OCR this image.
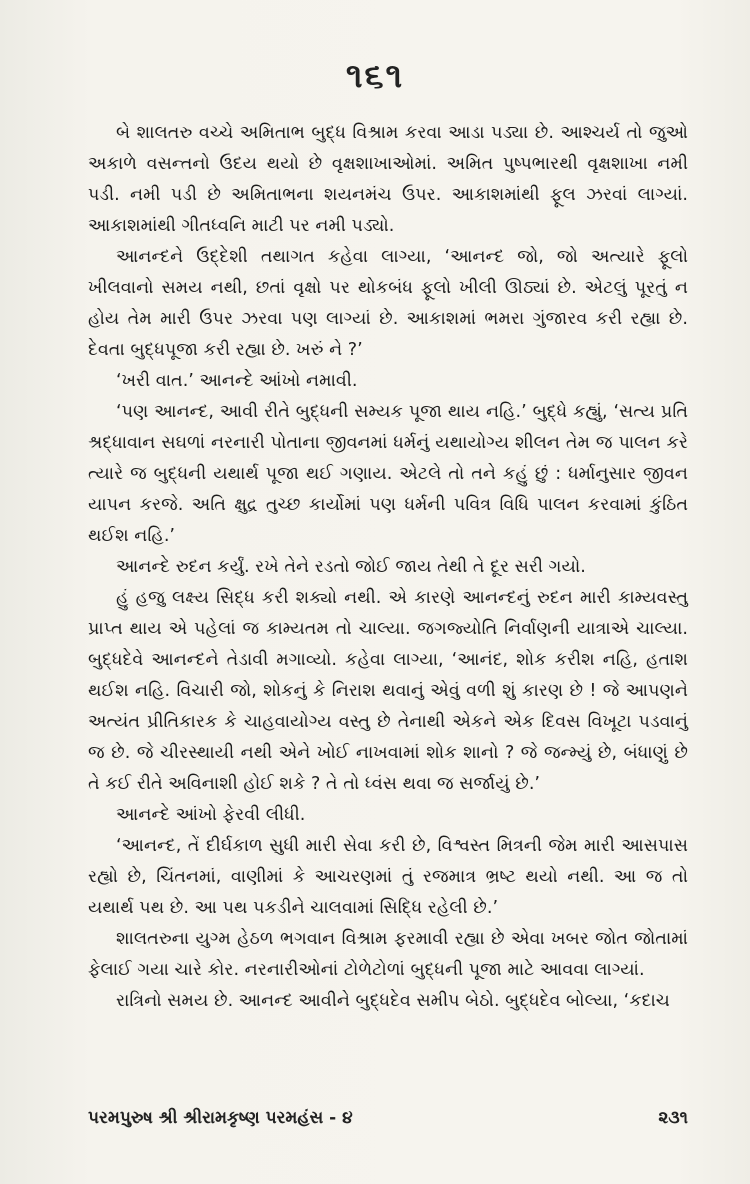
૧૬૧

બે શાલતરુ વચ્ચે અમિતાભ બુદ્ધ વિશ્રામ કરવા આડા પડ્યા છે. આશ્ચર્ય તો જુઓ અકાળે વસન્તનો ઉદય થયો છે વૃક્ષશાખાઓમાં. અમિત પુષ્પભારથી વૃક્ષશાખા નમી પડી. નમી પડી છે અમિતાભના શયનમંચ ઉપર. આકાશમાંથી ફૂલ ઝરવાં લાગ્યાં. આકાશમાંથી ગીતધ્વનિ માટી પર નમી પડ્યો.

આનન્દને ઉદ્દેશી તથાગત કહેવા લાગ્યા, ‘આનન્દ જો, જો અત્યારે ફૂલો ખીલવાનો સમય નથી, છતાં વૃક્ષો પર થોકબંધ ફૂલો ખીલી ઊઠ્યાં છે. એટલું પૂરતું ન હોય તેમ મારી ઉપર ઝરવા પણ લાગ્યાં છે. આકાશમાં ભમરા ગુંજારવ કરી રહ્યા છે. દેવતા બુદ્ધપૂજા કરી રહ્યા છે. ખરું ને ?’

‘ખરી વાત.’ આનન્દે આંખો નમાવી.

‘પણ આનન્દ, આવી રીતે બુદ્ધની સમ્યક પૂજા થાય નહિ.’ બુદ્ધે કહ્યું, ‘સત્ય પ્રતિ શ્રદ્ધાવાન સઘળાં નરનારી પોતાના જીવનમાં ધર્મનું યથાયોગ્ય શીલન તેમ જ પાલન કરે ત્યારે જ બુદ્ધની યથાર્થ પૂજા થઈ ગણાય. એટલે તો તને કહું છું : ધર્માનુસાર જીવન યાપન કરજે. અતિ ક્ષુદ્ર તુચ્છ કાર્યોમાં પણ ધર્મની પવિત્ર વિધિ પાલન કરવામાં કુંઠિત થઈશ નહિ.’

આનન્દે રુદન કર્યું. રખે તેને રડતો જોઈ જાય તેથી તે દૂર સરી ગયો.

હું હજુ લક્ષ્ય સિદ્ધ કરી શક્યો નથી. એ કારણે આનન્દનું રુદન મારી કામ્યવસ્તુ પ્રાપ્ત થાય એ પહેલાં જ કામ્યતમ તો ચાલ્યા. જગજ્યોતિ નિર્વાણની યાત્રાએ ચાલ્યા. બુદ્ધદેવે આનન્દને તેડાવી મગાવ્યો. કહેવા લાગ્યા, ‘આનંદ, શોક કરીશ નહિ, હતાશ થઈશ નહિ. વિચારી જો, શોકનું કે નિરાશ થવાનું એવું વળી શું કારણ છે ! જે આપણને અત્યંત પ્રીતિકારક કે ચાહવાયોગ્ય વસ્તુ છે તેનાથી એકને એક દિવસ વિખૂટા પડવાનું જ છે. જે ચીરસ્થાયી નથી એને ખોઈ નાખવામાં શોક શાનો ? જે જન્મ્યું છે, બંધાણું છે તે કઈ રીતે અવિનાશી હોઈ શકે ? તે તો ધ્વંસ થવા જ સર્જાયું છે.’

આનન્દે આંખો ફેરવી લીધી.

‘આનન્દ, તેં દીર્ઘકાળ સુધી મારી સેવા કરી છે, વિશ્વસ્ત મિત્રની જેમ મારી આસપાસ રહ્યો છે, ચિંતનમાં, વાણીમાં કે આચરણમાં તું રજમાત્ર ભ્રષ્ટ થયો નથી. આ જ તો યથાર્થ પથ છે. આ પથ પકડીને ચાલવામાં સિદ્ધિ રહેલી છે.’

શાલતરુના યુગ્મ હેઠળ ભગવાન વિશ્રામ ફરમાવી રહ્યા છે એવા ખબર જોત જોતામાં ફેલાઈ ગયા ચારે કોર. નરનારીઓનાં ટોળેટોળાં બુદ્ધની પૂજા માટે આવવા લાગ્યાં.

રાત્રિનો સમય છે. આનન્દ આવીને બુદ્ધદેવ સમીપ બેઠો. બુદ્ધદેવ બોલ્યા, ‘કદાચ

પરમપુરુષ શ્રી શ્રીરામકૃષ્ણ પરમહંસ - ૪	૨૩૧
